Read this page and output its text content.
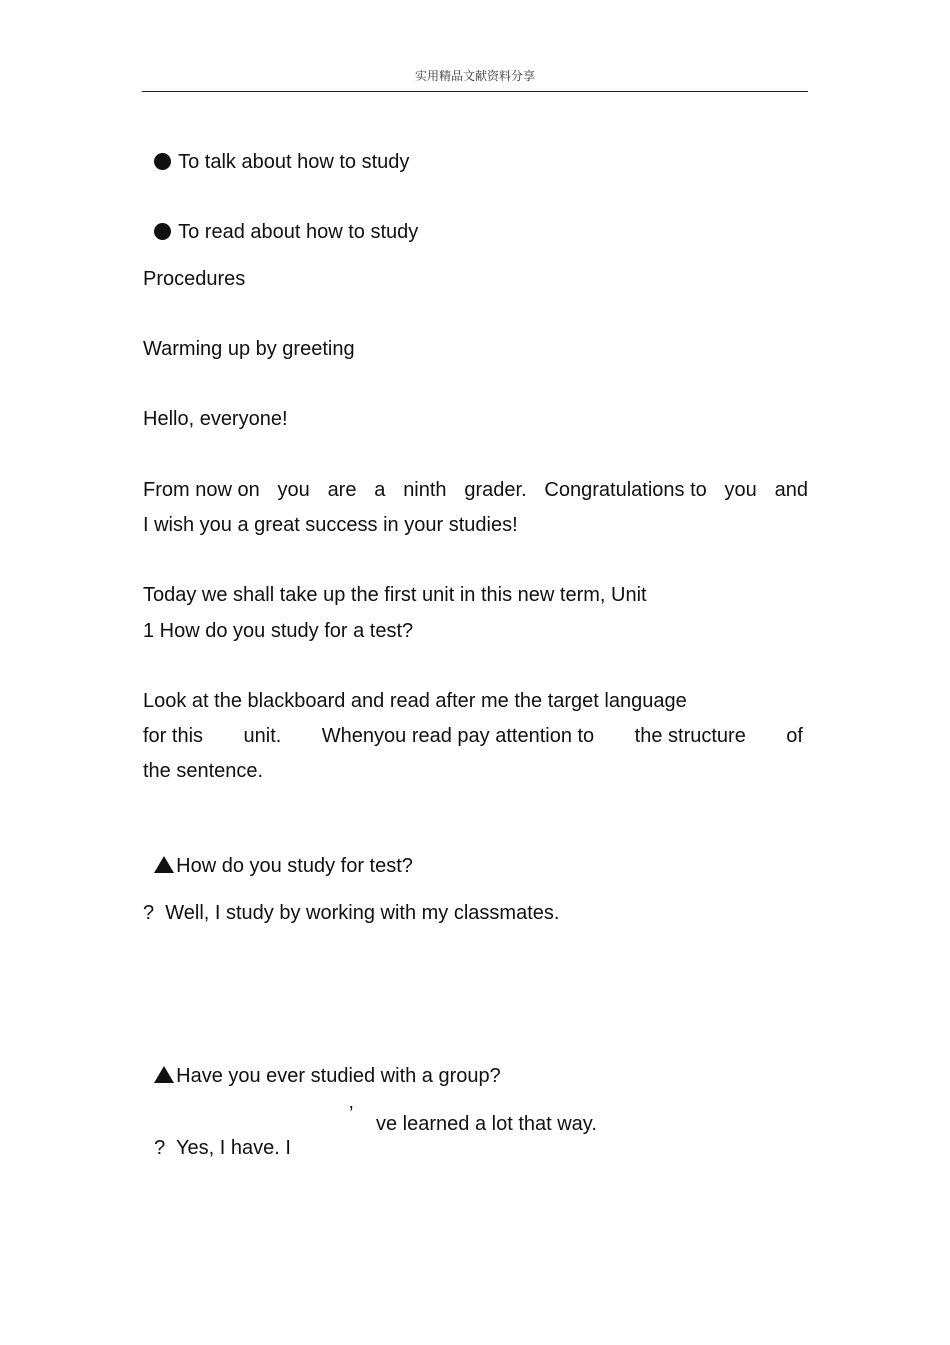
实用精品文献资料分享

To talk about how to study

To read about how to study

Procedures
Warming up by greeting
Hello, everyone!
From now on you are a ninth grader. Congratulations to you and
I wish you a great success in your studies!
Today we shall take up the first unit in this new term, Unit
1 How do you study for a test?
Look at the blackboard and read after me the target language
for this unit. Whenyou read pay attention to the structure of
the sentence.

How do you study for test?

?  Well, I study by working with my classmates.

Have you ever studied with a group?

?  Yes, I have. I

’ ve learned a lot that way.
